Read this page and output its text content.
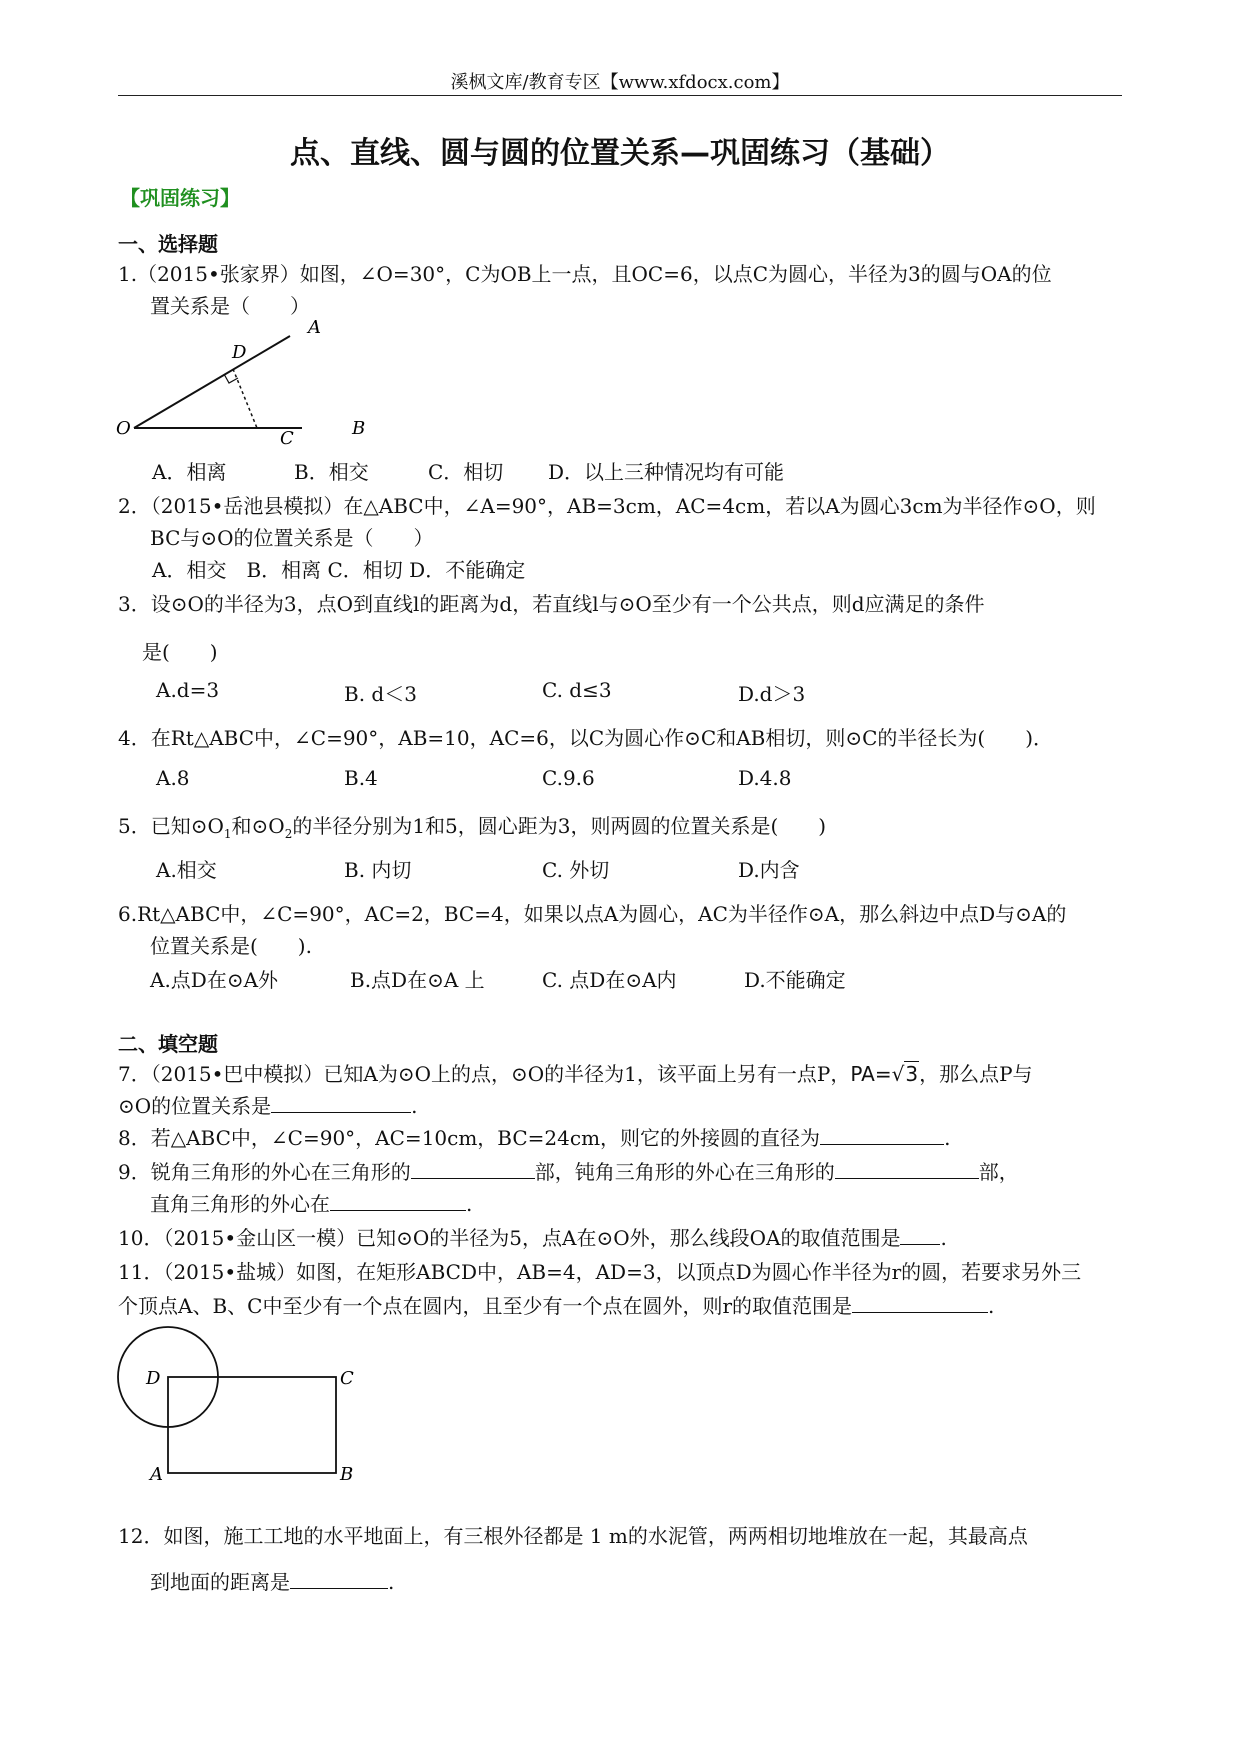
溪枫文库/教育专区【www.xfdocx.com】
点、直线、圆与圆的位置关系—巩固练习（基础）
【巩固练习】
一、选择题
1.（2015•张家界）如图，∠O=30°，C为OB上一点，且OC=6，以点C为圆心，半径为3的圆与OA的位
置关系是（　　）
A
D
O	C	B
A．相离	B．相交	C．相切 D．以上三种情况均有可能
2．（2015•岳池县模拟）在△ABC中，∠A=90°，AB=3cm，AC=4cm，若以A为圆心3cm为半径作⊙O，则
BC与⊙O的位置关系是（　　）
A．相交　B．相离 C．相切 D．不能确定
3．设⊙O的半径为3，点O到直线l的距离为d，若直线l与⊙O至少有一个公共点，则d应满足的条件
是(　　)
A.d=3	B. d＜3	C. d≤3	D.d＞3
4．在Rt△ABC中，∠C=90°，AB=10，AC=6，以C为圆心作⊙C和AB相切，则⊙C的半径长为(　　)．
A.8	B.4	C.9.6	D.4.8
5．已知$⊙O_1$和$⊙O_2$的半径分别为1和5，圆心距为3，则两圆的位置关系是(　　)
A.相交	B. 内切	C. 外切	D.内含
6.Rt△ABC中，∠C=90°，AC=2，BC=4，如果以点A为圆心，AC为半径作⊙A，那么斜边中点D与⊙A的
位置关系是(　　).
A.点D在⊙A外	B.点D在⊙A 上	C. 点D在⊙A内	D.不能确定
二、填空题
7．（2015•巴中模拟）已知A为⊙O上的点，⊙O的半径为1，该平面上另有一点P，PA=√3，那么点P与
⊙O的位置关系是	.
8．若△ABC中，∠C=90°，AC=10cm，BC=24cm，则它的外接圆的直径为	.
9．锐角三角形的外心在三角形的	部，钝角三角形的外心在三角形的	部，
直角三角形的外心在	.
10．（2015•金山区一模）已知⊙O的半径为5，点A在⊙O外，那么线段OA的取值范围是 .
11．（2015•盐城）如图，在矩形ABCD中，AB=4，AD=3，以顶点D为圆心作半径为r的圆，若要求另外三
个顶点A、B、C中至少有一个点在圆内，且至少有一个点在圆外，则r的取值范围是	.
D	C
A	B
12．如图，施工工地的水平地面上，有三根外径都是 1 m的水泥管，两两相切地堆放在一起，其最高点
到地面的距离是	.
